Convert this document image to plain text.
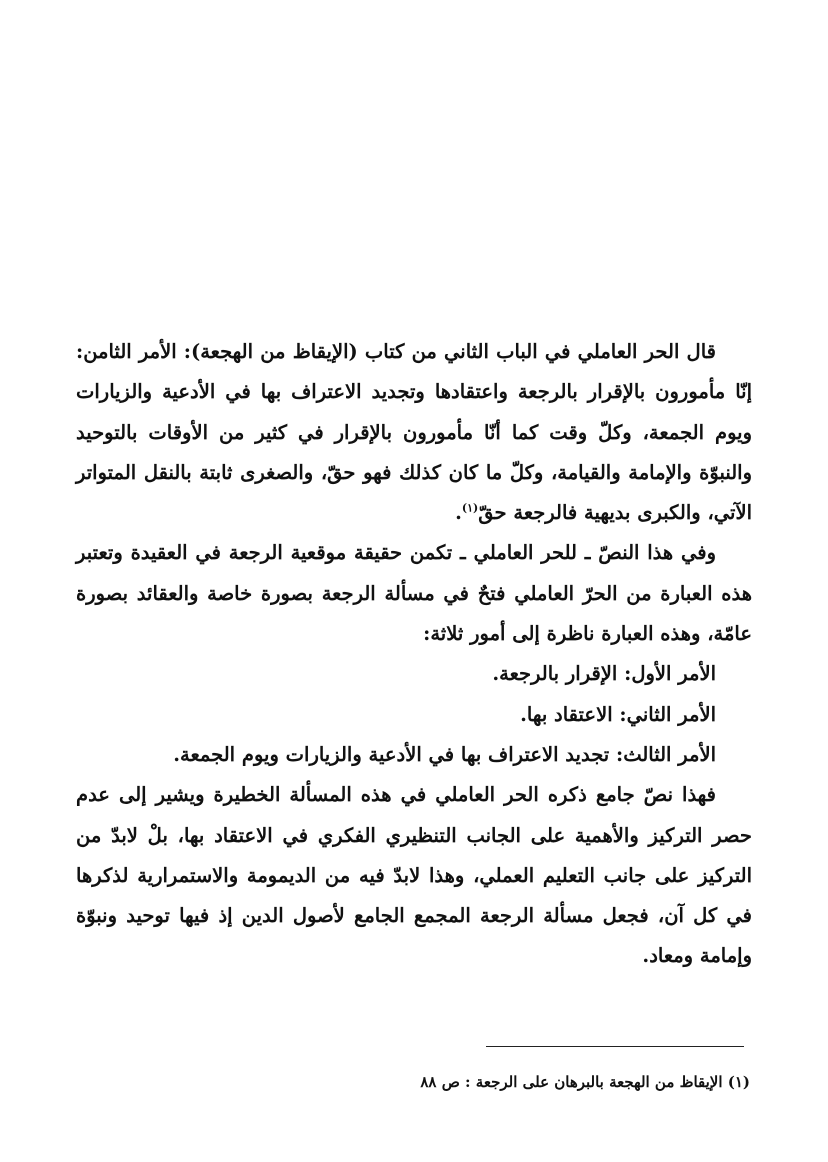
قال الحر العاملي في الباب الثاني من كتاب (الإيقاظ من الهجعة): الأمر الثامن: إنّا مأمورون بالإقرار بالرجعة واعتقادها وتجديد الاعتراف بها في الأدعية والزيارات ويوم الجمعة، وكلّ وقت كما أنّا مأمورون بالإقرار في كثير من الأوقات بالتوحيد والنبوّة والإمامة والقيامة، وكلّ ما كان كذلك فهو حقّ، والصغرى ثابتة بالنقل المتواتر الآتي، والكبرى بديهية فالرجعة حقّ$^{(١)}$.

وفي هذا النصّ ـ للحر العاملي ـ تكمن حقيقة موقعية الرجعة في العقيدة وتعتبر هذه العبارة من الحرّ العاملي فتحٌ في مسألة الرجعة بصورة خاصة والعقائد بصورة عامّة، وهذه العبارة ناظرة إلى أمور ثلاثة:

الأمر الأول: الإقرار بالرجعة.

الأمر الثاني: الاعتقاد بها.

الأمر الثالث: تجديد الاعتراف بها في الأدعية والزيارات ويوم الجمعة.

فهذا نصّ جامع ذكره الحر العاملي في هذه المسألة الخطيرة ويشير إلى عدم حصر التركيز والأهمية على الجانب التنظيري الفكري في الاعتقاد بها، بلْ لابدّ من التركيز على جانب التعليم العملي، وهذا لابدّ فيه من الديمومة والاستمرارية لذكرها في كل آن، فجعل مسألة الرجعة المجمع الجامع لأصول الدين إذ فيها توحيد ونبوّة وإمامة ومعاد.

(١) الإيقاظ من الهجعة بالبرهان على الرجعة : ص ٨٨
